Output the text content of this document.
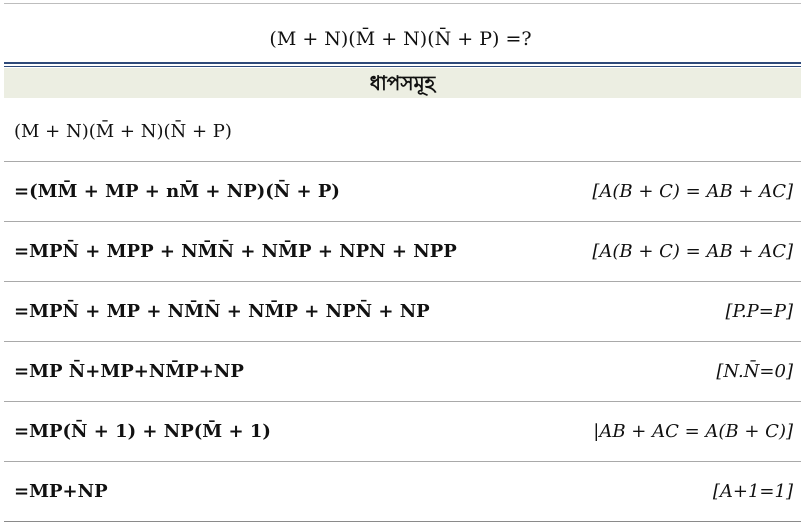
(M + N)(M̄ + N)(N̄ + P) =?
ধাপসমূহ
(M + N)(M̄ + N)(N̄ + P)
=(MM̄ + MP + nM̄ + NP)(N̄ + P)	[A(B + C) = AB + AC]
=MPN̄ + MPP + NM̄N̄ + NM̄P + NPN + NPP	[A(B + C) = AB + AC]
=MPN̄ + MP + NM̄N̄ + NM̄P + NPN̄ + NP	[P.P=P]
=MP N̄+MP+NM̄P+NP	[N.N̄=0]
=MP(N̄ + 1) + NP(M̄ + 1)	|AB + AC = A(B + C)]
=MP+NP	[A+1=1]
